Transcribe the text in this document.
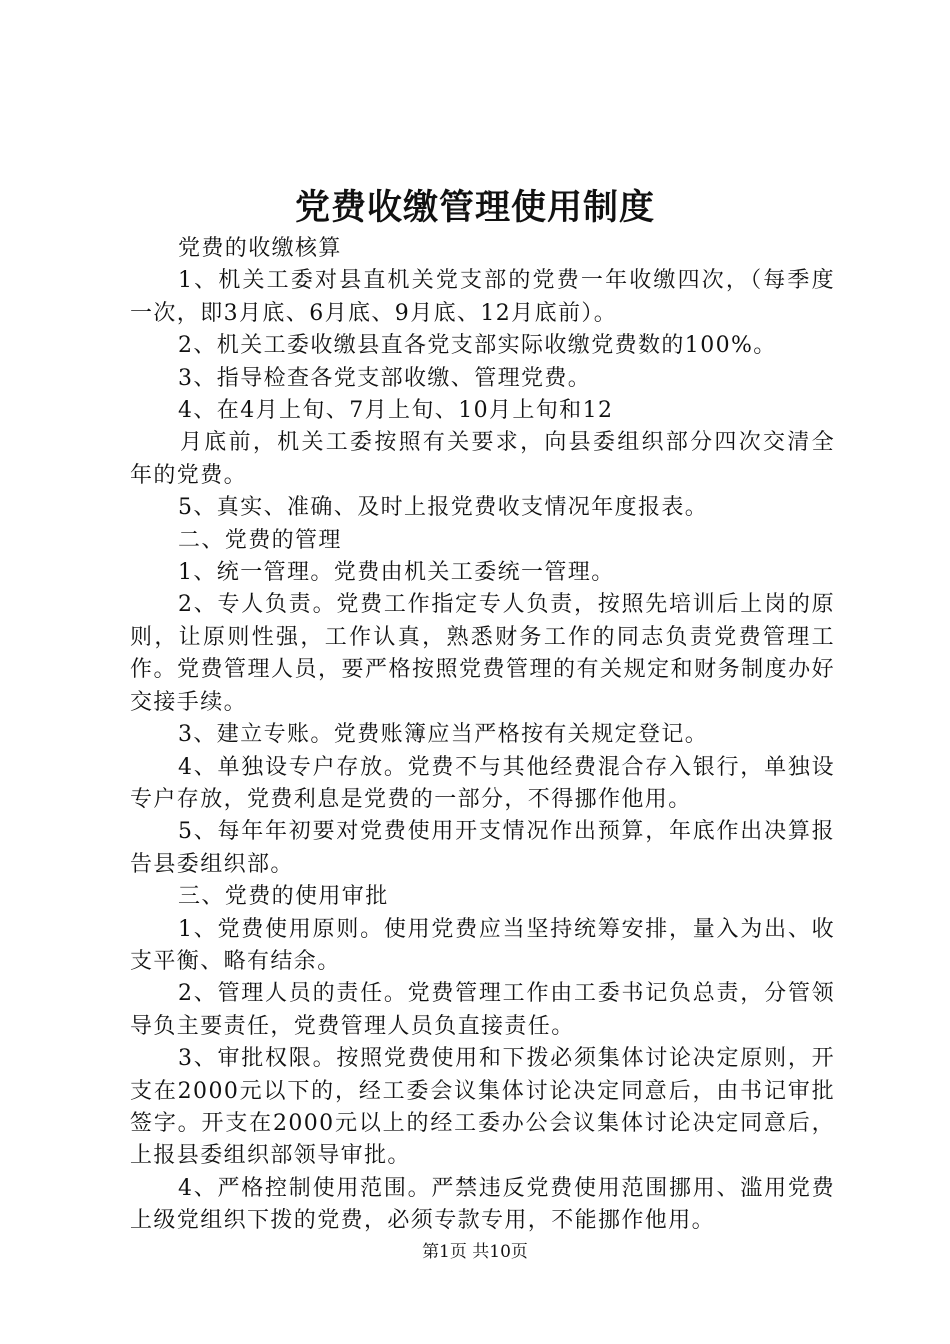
党费收缴管理使用制度

党费的收缴核算

1、机关工委对县直机关党支部的党费一年收缴四次，（每季度一次，即3月底、6月底、9月底、12月底前）。

2、机关工委收缴县直各党支部实际收缴党费数的100%。

3、指导检查各党支部收缴、管理党费。

4、在4月上旬、7月上旬、10月上旬和12

月底前，机关工委按照有关要求，向县委组织部分四次交清全年的党费。

5、真实、准确、及时上报党费收支情况年度报表。

二、党费的管理

1、统一管理。党费由机关工委统一管理。

2、专人负责。党费工作指定专人负责，按照先培训后上岗的原则，让原则性强，工作认真，熟悉财务工作的同志负责党费管理工作。党费管理人员，要严格按照党费管理的有关规定和财务制度办好交接手续。

3、建立专账。党费账簿应当严格按有关规定登记。

4、单独设专户存放。党费不与其他经费混合存入银行，单独设专户存放，党费利息是党费的一部分，不得挪作他用。

5、每年年初要对党费使用开支情况作出预算，年底作出决算报告县委组织部。

三、党费的使用审批

1、党费使用原则。使用党费应当坚持统筹安排，量入为出、收支平衡、略有结余。

2、管理人员的责任。党费管理工作由工委书记负总责，分管领导负主要责任，党费管理人员负直接责任。

3、审批权限。按照党费使用和下拨必须集体讨论决定原则，开支在2000元以下的，经工委会议集体讨论决定同意后，由书记审批签字。开支在2000元以上的经工委办公会议集体讨论决定同意后，上报县委组织部领导审批。

4、严格控制使用范围。严禁违反党费使用范围挪用、滥用党费上级党组织下拨的党费，必须专款专用，不能挪作他用。

第1页 共10页
